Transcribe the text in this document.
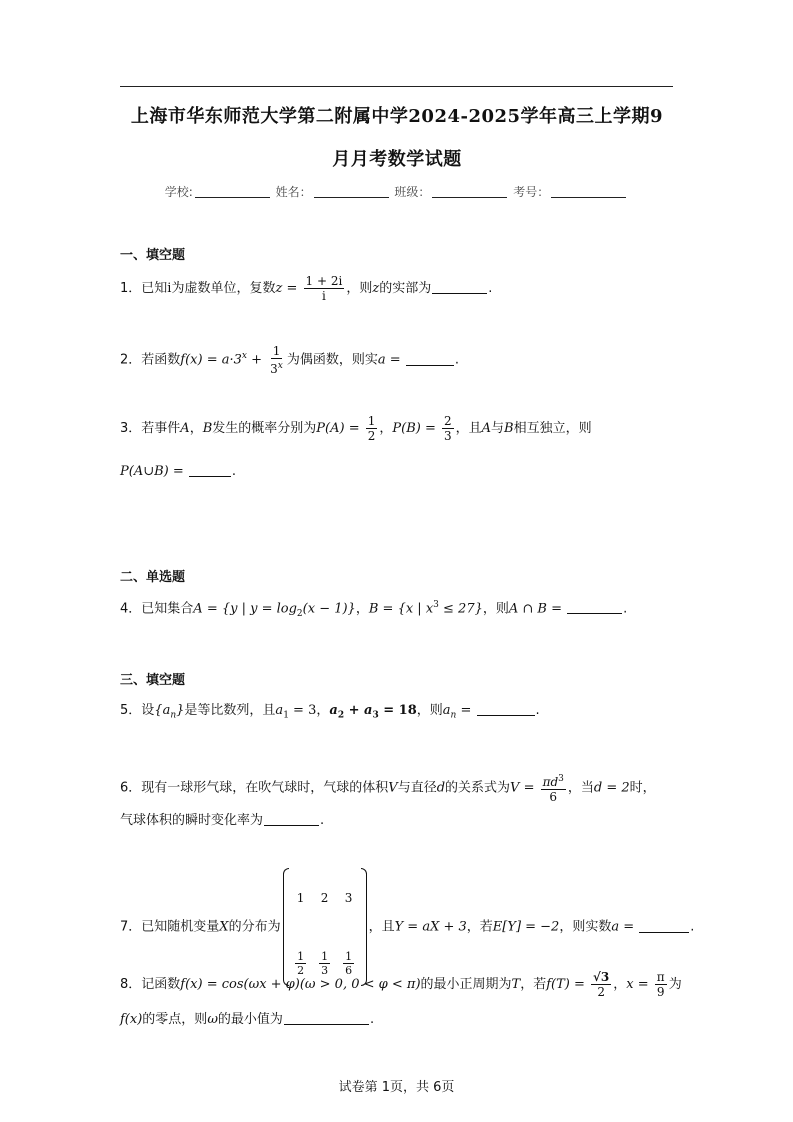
上海市华东师范大学第二附属中学2024-2025学年高三上学期9
月月考数学试题
学校:	姓名：	班级：	考号：
一、填空题
1．已知i为虚数单位，复数$z = \frac{1 + 2i}{i}$ ，则z的实部为	.
2．若函数$f(x) = a\cdot 3^x + \frac{1}{3^x}$ 为偶函数，则实a =	.
3．若事件A，B发生的概率分别为$P(A) = \frac{1}{2}$ ，$P(B) = \frac{2}{3}$ ，且A与B相互独立，则
P(A∪B) =	.
二、单选题
4．已知集合A = {y | $y = \log_2(x - 1)$}，B = {x | $x^3 \le 27$}，则A ∩ B =	.
三、填空题
5．设$\{a_n\}$是等比数列，且$a_1 = 3$，$a_2 + a_3 = 18$，则$a_n$ =	.
6．现有一球形气球，在吹气球时，气球的体积V与直径d的关系式为$V = \frac{\pi d^3}{6}$ ，当d = 2时，
气球体积的瞬时变化率为	.
7．已知随机变量X的分布为
1	2	3
$\frac{1}{2} \frac{1}{3} \frac{1}{6}$
，且Y = aX + 3，若E[Y] = −2，则实数a =	.
8．记函数f(x) = cos(ωx + φ)(ω > 0, 0 < φ < π)的最小正周期为T，若$f(T) = \frac{√3}{2}$ ，$x = \frac{\pi}{9}$ 为
f(x)的零点，则ω的最小值为	.
试卷第 1页，共 6页
